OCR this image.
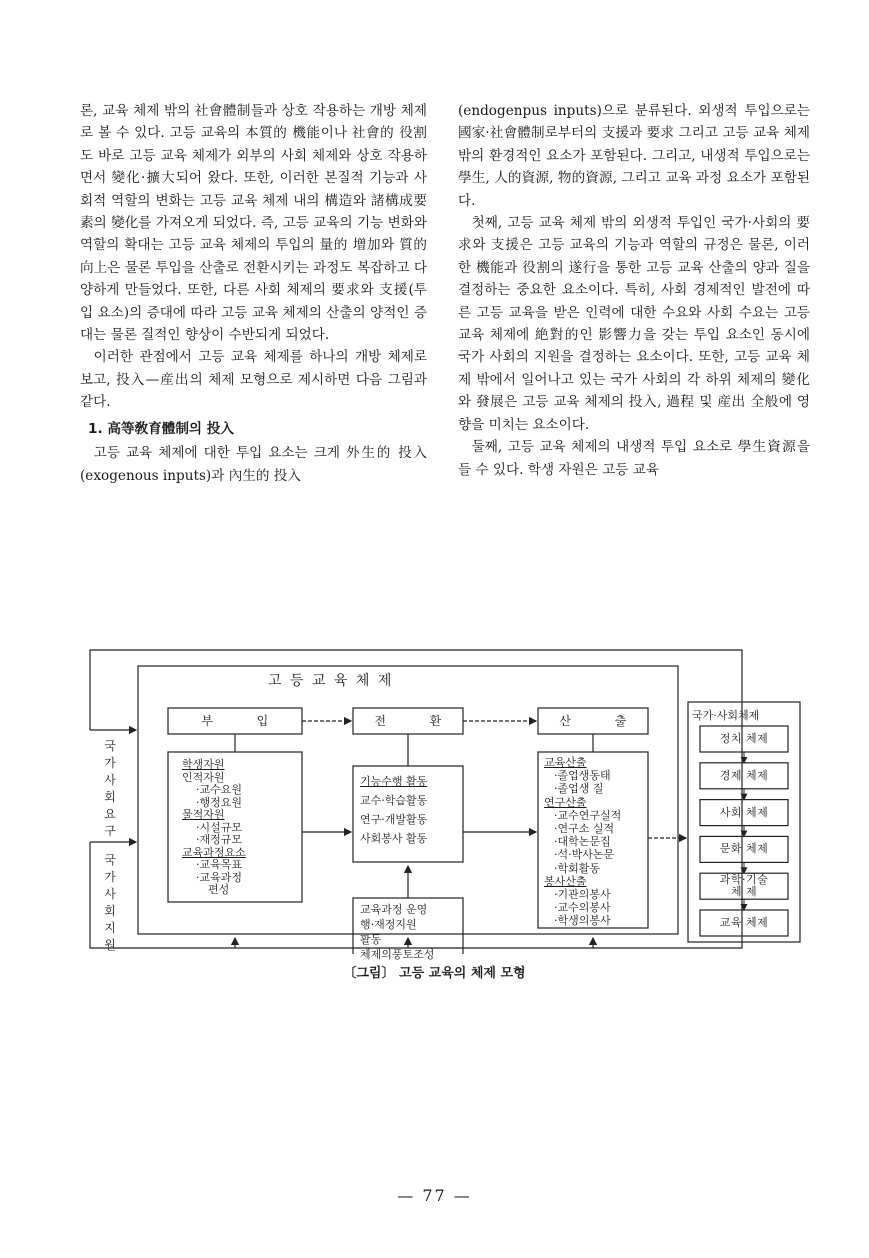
론, 교육 체제 밖의 社會體制들과 상호 작용하는 개방 체제로 볼 수 있다. 고등 교육의 本質的 機能이나 社會的 役割도 바로 고등 교육 체제가 외부의 사회 체제와 상호 작용하면서 變化·擴大되어 왔다. 또한, 이러한 본질적 기능과 사회적 역할의 변화는 고등 교육 체제 내의 構造와 諸構成要素의 變化를 가져오게 되었다. 즉, 고등 교육의 기능 변화와 역할의 확대는 고등 교육 체제의 투입의 量的 增加와 質的 向上은 물론 투입을 산출로 전환시키는 과정도 복잡하고 다양하게 만들었다. 또한, 다른 사회 체제의 要求와 支援(투입 요소)의 증대에 따라 고등 교육 체제의 산출의 양적인 증대는 물론 질적인 향상이 수반되게 되었다.

이러한 관점에서 고등 교육 체제를 하나의 개방 체제로 보고, 投入—産出의 체제 모형으로 제시하면 다음 그림과 같다.

1. 高等敎育體制의 投入

고등 교육 체제에 대한 투입 요소는 크게 外生的 投入(exogenous inputs)과 內生的 投入

(endogenpus inputs)으로 분류된다. 외생적 투입으로는 國家·社會體制로부터의 支援과 要求 그리고 고등 교육 체제 밖의 환경적인 요소가 포함된다. 그리고, 내생적 투입으로는 學生, 人的資源, 物的資源, 그리고 교육 과정 요소가 포함된다.

첫째, 고등 교육 체제 밖의 외생적 투입인 국가·사회의 要求와 支援은 고등 교육의 기능과 역할의 규정은 물론, 이러한 機能과 役割의 遂行을 통한 고등 교육 산출의 양과 질을 결정하는 중요한 요소이다. 특히, 사회 경제적인 발전에 따른 고등 교육을 받은 인력에 대한 수요와 사회 수요는 고등 교육 체제에 絶對的인 影響力을 갖는 투입 요소인 동시에 국가 사회의 지원을 결정하는 요소이다. 또한, 고등 교육 체제 밖에서 일어나고 있는 국가 사회의 각 하위 체제의 變化와 發展은 고등 교육 체제의 投入, 過程 및 産出 全般에 영향을 미치는 요소이다.

둘째, 고등 교육 체제의 내생적 투입 요소로 學生資源을 들 수 있다. 학생 자원은 고등 교육

고 등 교 육 체 제
국가사회요구
국가사회지원
부          입	전          환	산          출
학생자원
인적자원
·교수요원
·행정요원
물적자원
·시설규모
·재정규모
교육과정요소
·교육목표
·교육과정
편성
기능수행 활동
교수·학습활동
연구·개발활동
사회봉사 활동
교육과정 운영
행·재정지원
활동
체제의풍토조성
교육산출
·졸업생동태
·졸업생 질
연구산출
·교수연구실적
·연구소 실적
·대학논문집
·석·박사논문
·학회활동
봉사산출
·기관의봉사
·교수의봉사
·학생의봉사
국가·사회체제
정치 체제
경제 체제
사회 체제
문화 체제
과학·기술
체 제
교육 체제
〔그림〕 고등 교육의 체제 모형
— 77 —
